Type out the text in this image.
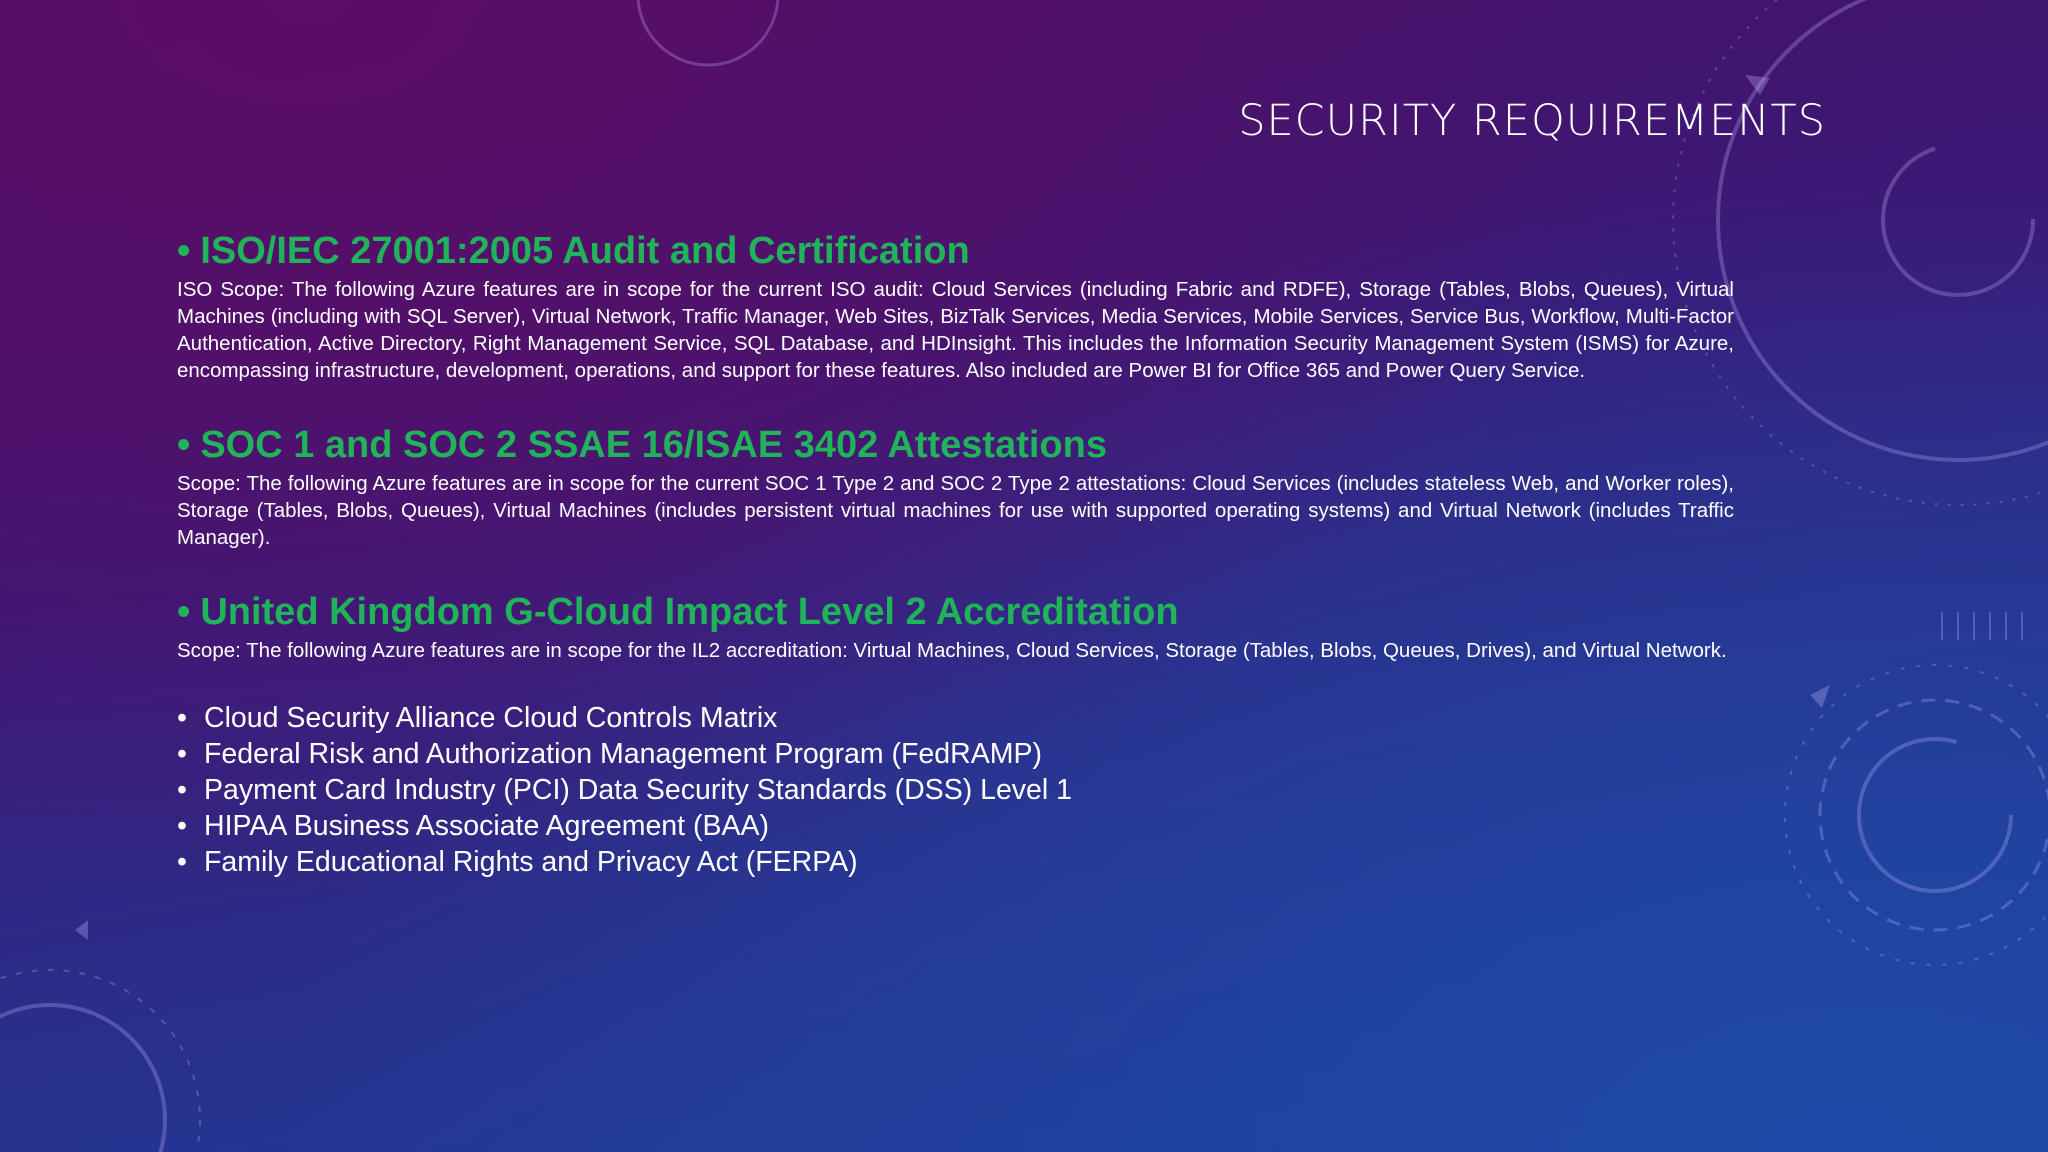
SECURITY REQUIREMENTS
• ISO/IEC 27001:2005 Audit and Certification
ISO Scope: The following Azure features are in scope for the current ISO audit: Cloud Services (including Fabric and RDFE), Storage (Tables, Blobs, Queues), Virtual Machines (including with SQL Server), Virtual Network, Traffic Manager, Web Sites, BizTalk Services, Media Services, Mobile Services, Service Bus, Workflow, Multi-Factor Authentication, Active Directory, Right Management Service, SQL Database, and HDInsight. This includes the Information Security Management System (ISMS) for Azure, encompassing infrastructure, development, operations, and support for these features. Also included are Power BI for Office 365 and Power Query Service.
• SOC 1 and SOC 2 SSAE 16/ISAE 3402 Attestations
Scope: The following Azure features are in scope for the current SOC 1 Type 2 and SOC 2 Type 2 attestations: Cloud Services (includes stateless Web, and Worker roles), Storage (Tables, Blobs, Queues), Virtual Machines (includes persistent virtual machines for use with supported operating systems) and Virtual Network (includes Traffic Manager).
• United Kingdom G-Cloud Impact Level 2 Accreditation
Scope: The following Azure features are in scope for the IL2 accreditation: Virtual Machines, Cloud Services, Storage (Tables, Blobs, Queues, Drives), and Virtual Network.
• Cloud Security Alliance Cloud Controls Matrix
• Federal Risk and Authorization Management Program (FedRAMP)
• Payment Card Industry (PCI) Data Security Standards (DSS) Level 1
• HIPAA Business Associate Agreement (BAA)
• Family Educational Rights and Privacy Act (FERPA)
